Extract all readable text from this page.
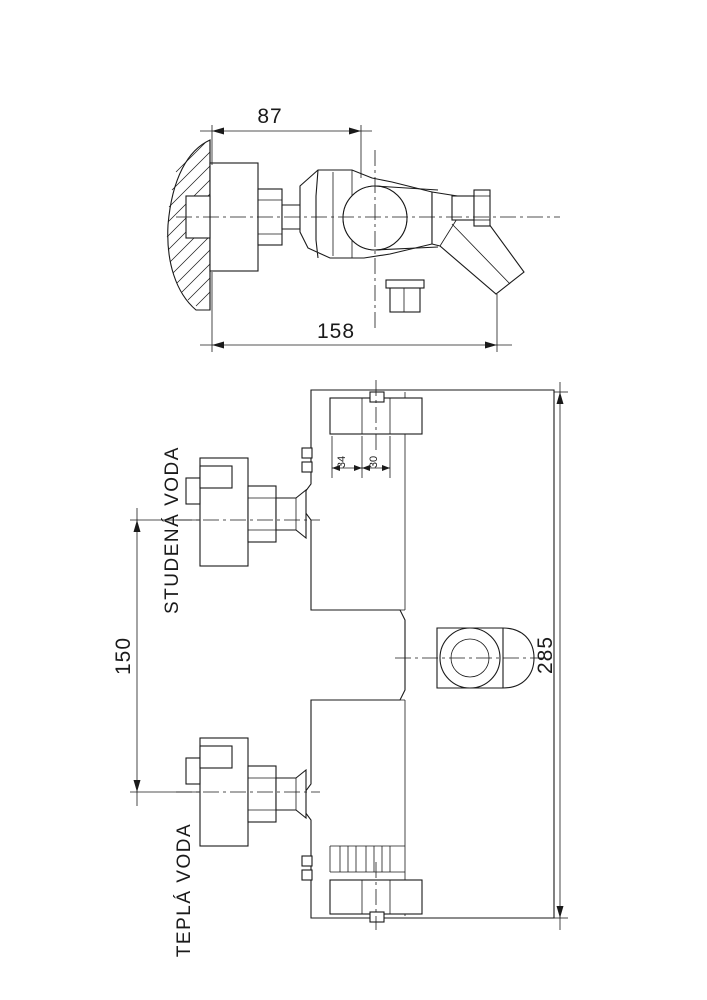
87
158
34 30
150	285
STUDENÁ VODA
TEPLÁ VODA
